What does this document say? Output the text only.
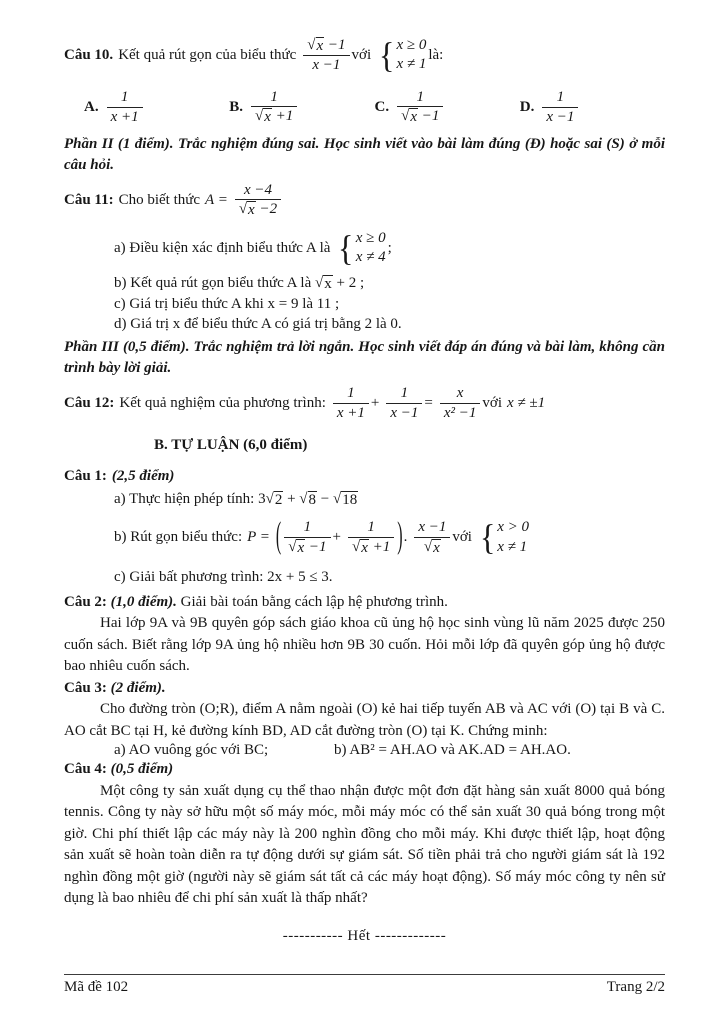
Câu 10. Kết quả rút gọn của biểu thức $\frac{√ x -1}{x -1}$ với { x ≥ 0
x ≠ 1
là:
A. $\frac{1}{x +1}$	B. $\frac{1}{√ x +1}$	C. $\frac{1}{√ x -1}$	D. $\frac{1}{x -1}$
Phần II (1 điểm). Trắc nghiệm đúng sai. Học sinh viết vào bài làm đúng (Đ) hoặc sai (S) ở mỗi câu hỏi.
Câu 11: Cho biết thức $A = \frac{x -4}{√ x -2}$
a) Điều kiện xác định biểu thức A là { x ≥ 0
x ≠ 4
;
b) Kết quả rút gọn biểu thức A là √ x + 2 ;
c) Giá trị biểu thức A khi x = 9 là 11 ;
d) Giá trị x để biểu thức A có giá trị bằng 2 là 0.
Phần III (0,5 điểm). Trắc nghiệm trả lời ngắn. Học sinh viết đáp án đúng và bài làm, không cần trình bày lời giải.
Câu 12: Kết quả nghiệm của phương trình: $\frac{1}{x +1} + \frac{1}{x -1} = \frac{x}{\text{x² −1}}$ với x ≠ ±1
B. TỰ LUẬN (6,0 điểm)
Câu 1: (2,5 điểm)
a) Thực hiện phép tính: 3 √ 2 + √ 8 − √ 18
b) Rút gọn biểu thức: P = ( $\frac{1}{√ x -1} + \frac{1}{√ x +1}$ ) . $\frac{x -1}{√ x}$ với { x > 0
x ≠ 1
c) Giải bất phương trình: 2x + 5 ≤ 3.
Câu 2: (1,0 điểm). Giải bài toán bằng cách lập hệ phương trình.
Hai lớp 9A và 9B quyên góp sách giáo khoa cũ ủng hộ học sinh vùng lũ năm 2025 được 250 cuốn sách. Biết rằng lớp 9A ủng hộ nhiều hơn 9B 30 cuốn. Hỏi mỗi lớp đã quyên góp ủng hộ được bao nhiêu cuốn sách.
Câu 3: (2 điểm).
Cho đường tròn (O;R), điểm A nằm ngoài (O) kẻ hai tiếp tuyến AB và AC với (O) tại B và C. AO cắt BC tại H, kẻ đường kính BD, AD cắt đường tròn (O) tại K. Chứng minh:
a) AO vuông góc với BC;	b) AB² = AH.AO và AK.AD = AH.AO.
Câu 4: (0,5 điểm)
Một công ty sản xuất dụng cụ thể thao nhận được một đơn đặt hàng sản xuất 8000 quả bóng tennis. Công ty này sở hữu một số máy móc, mỗi máy móc có thể sản xuất 30 quả bóng trong một giờ. Chi phí thiết lập các máy này là 200 nghìn đồng cho mỗi máy. Khi được thiết lập, hoạt động sản xuất sẽ hoàn toàn diễn ra tự động dưới sự giám sát. Số tiền phải trả cho người giám sát là 192 nghìn đồng một giờ (người này sẽ giám sát tất cả các máy hoạt động). Số máy móc công ty nên sử dụng là bao nhiêu để chi phí sản xuất là thấp nhất?
----------- Hết -------------
Mã đề 102	Trang 2/2
